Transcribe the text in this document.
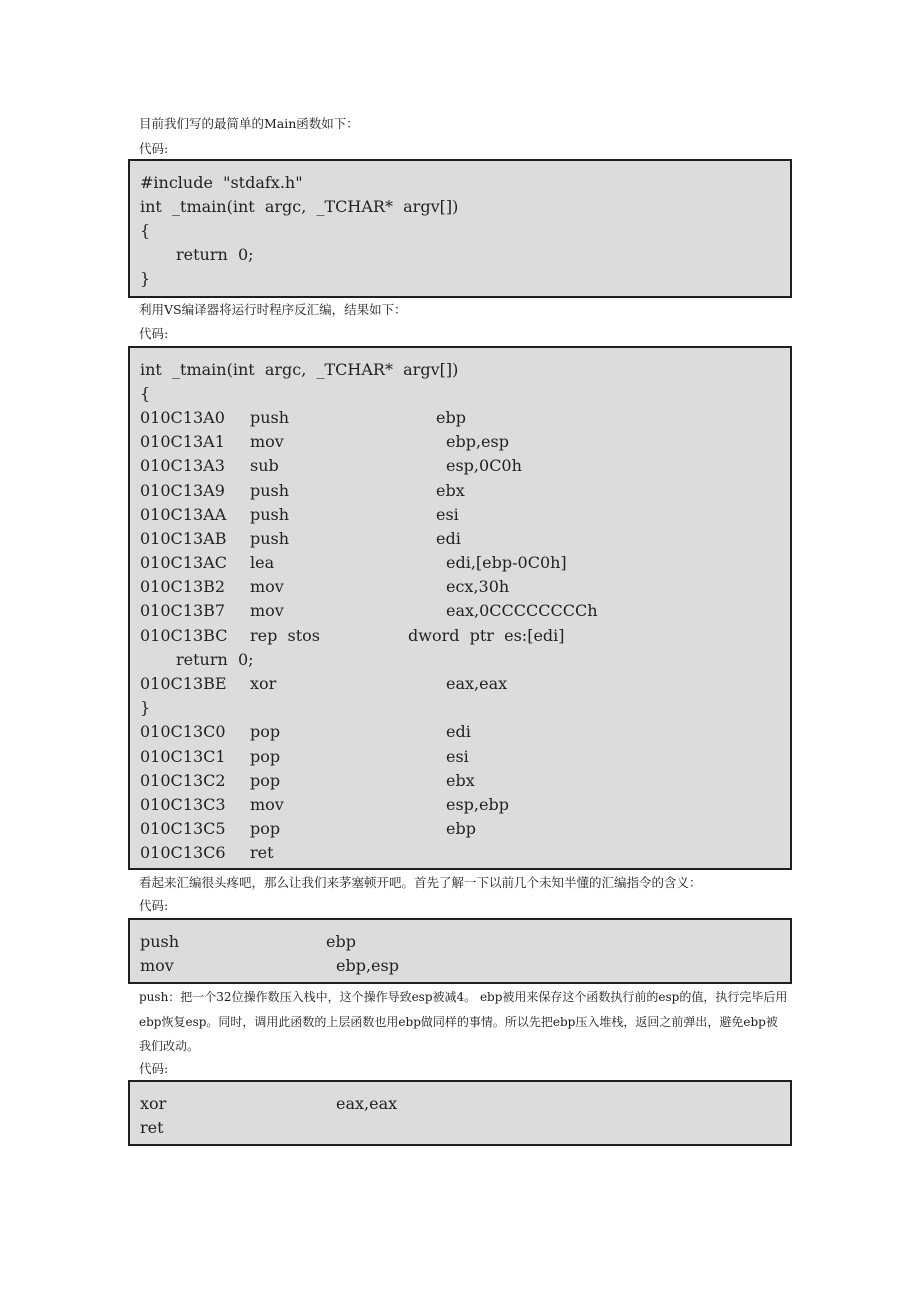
目前我们写的最简单的Main函数如下：

代码:

#include  "stdafx.h"
int  _tmain(int  argc,  _TCHAR*  argv[])
{
return  0;
}

利用VS编译器将运行时程序反汇编，结果如下：

代码:

int  _tmain(int  argc,  _TCHAR*  argv[])
{
010C13A0	push	ebp
010C13A1	mov	ebp,esp
010C13A3	sub	esp,0C0h
010C13A9	push	ebx
010C13AA	push	esi
010C13AB	push	edi
010C13AC	lea	edi,[ebp-0C0h]
010C13B2	mov	ecx,30h
010C13B7	mov	eax,0CCCCCCCCh
010C13BC	rep  stos	dword  ptr  es:[edi]
return  0;
010C13BE	xor	eax,eax
}
010C13C0	pop	edi
010C13C1	pop	esi
010C13C2	pop	ebx
010C13C3	mov	esp,ebp
010C13C5	pop	ebp
010C13C6	ret

看起来汇编很头疼吧，那么让我们来茅塞顿开吧。首先了解一下以前几个未知半懂的汇编指令的含义：

代码:

push	ebp
mov	ebp,esp

push：把一个32位操作数压入栈中，这个操作导致esp被减4。 ebp被用来保存这个函数执行前的esp的值，执行完毕后用ebp恢复esp。同时，调用此函数的上层函数也用ebp做同样的事情。所以先把ebp压入堆栈，返回之前弹出，避免ebp被我们改动。

代码:

xor	eax,eax
ret
